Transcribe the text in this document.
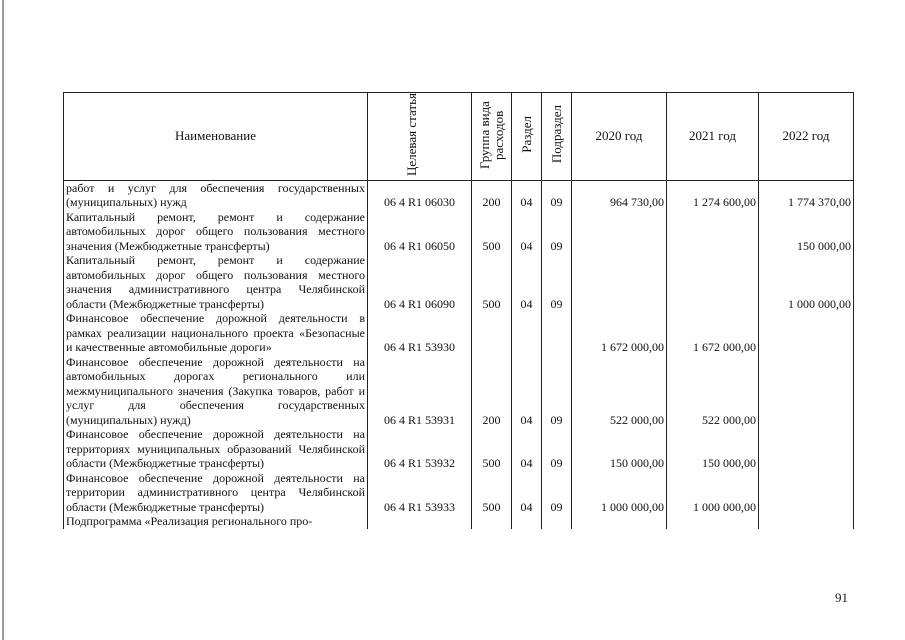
Наименование	Целевая статья	Группа вида расходов	Раздел	Подраздел	2020 год	2021 год	2022 год
работ и услуг для обеспечения государственных (муниципальных) нужд	06 4 R1 06030	200	04	09	964 730,00	1 274 600,00	1 774 370,00
Капитальный ремонт, ремонт и содержание автомобильных дорог общего пользования местного значения (Межбюджетные трансферты)	06 4 R1 06050	500	04	09			150 000,00
Капитальный ремонт, ремонт и содержание автомобильных дорог общего пользования местного значения административного центра Челябинской области (Межбюджетные трансферты)	06 4 R1 06090	500	04	09			1 000 000,00
Финансовое обеспечение дорожной деятельности в рамках реализации национального проекта «Безопасные и качественные автомобильные дороги»	06 4 R1 53930				1 672 000,00	1 672 000,00	
Финансовое обеспечение дорожной деятельности на автомобильных дорогах регионального или межмуниципального значения (Закупка товаров, работ и услуг для обеспечения государственных (муниципальных) нужд)	06 4 R1 53931	200	04	09	522 000,00	522 000,00	
Финансовое обеспечение дорожной деятельности на территориях муниципальных образований Челябинской области (Межбюджетные трансферты)	06 4 R1 53932	500	04	09	150 000,00	150 000,00	
Финансовое обеспечение дорожной деятельности на территории административного центра Челябинской области (Межбюджетные трансферты)	06 4 R1 53933	500	04	09	1 000 000,00	1 000 000,00	
Подпрограмма «Реализация регионального про-							
91
